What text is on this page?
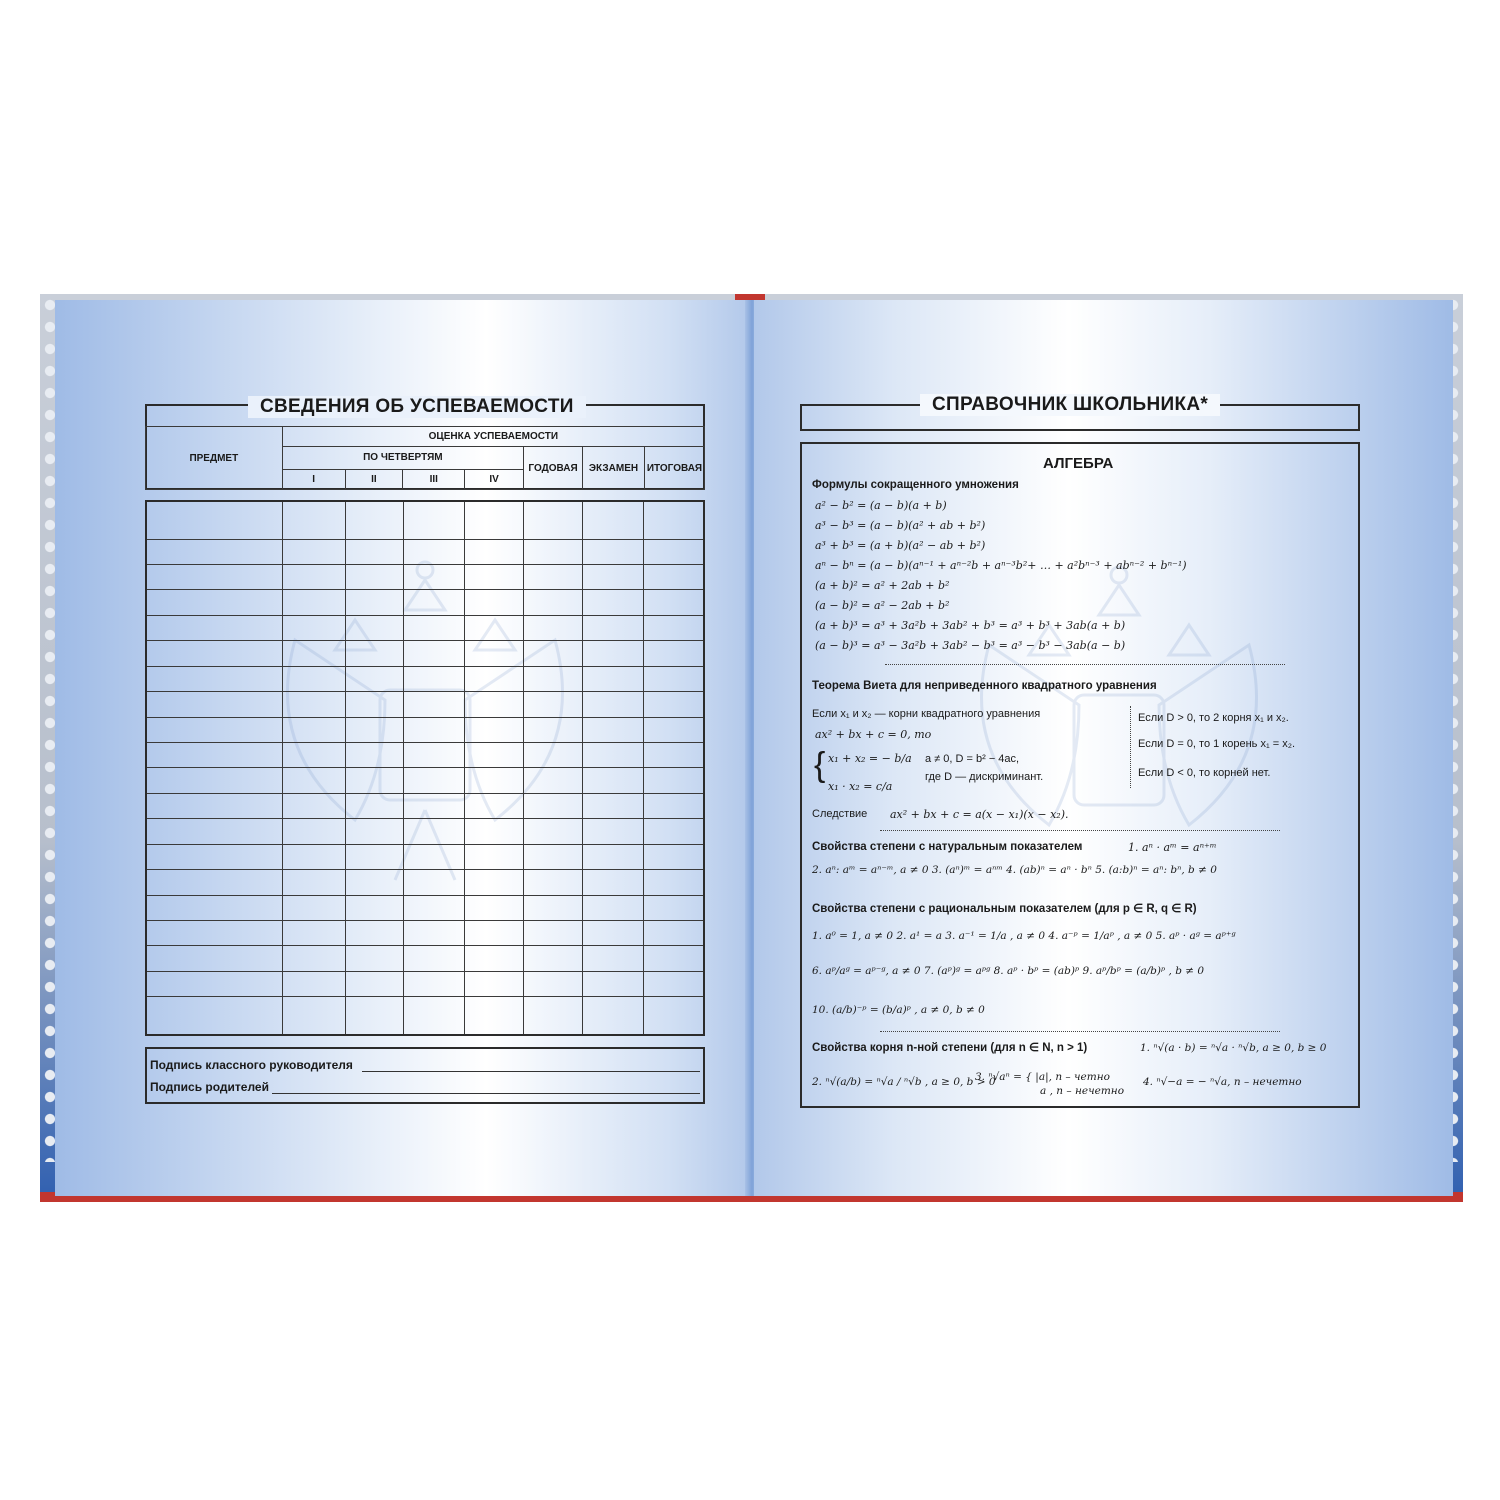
СВЕДЕНИЯ ОБ УСПЕВАЕМОСТИ
ПРЕДМЕТ	ОЦЕНКА УСПЕВАЕМОСТИ						
	ПО ЧЕТВЕРТЯМ				ГОДОВАЯ	ЭКЗАМЕН	ИТОГОВАЯ
	I	II	III	IV			

Подпись классного руководителя
Подпись родителей
СПРАВОЧНИК ШКОЛЬНИКА*
АЛГЕБРА
Формулы сокращенного умножения
a² − b² = (a − b)(a + b)
a³ − b³ = (a − b)(a² + ab + b²)
a³ + b³ = (a + b)(a² − ab + b²)
aⁿ − bⁿ = (a − b)(aⁿ⁻¹ + aⁿ⁻²b + aⁿ⁻³b²+ … + a²bⁿ⁻³ + abⁿ⁻² + bⁿ⁻¹)
(a + b)² = a² + 2ab + b²
(a − b)² = a² − 2ab + b²
(a + b)³ = a³ + 3a²b + 3ab² + b³ = a³ + b³ + 3ab(a + b)
(a − b)³ = a³ − 3a²b + 3ab² − b³ = a³ − b³ − 3ab(a − b)
Теорема Виета для неприведенного квадратного уравнения
Если x₁ и x₂ — корни квадратного уравнения
ax² + bx + c = 0, то
{ x₁ + x₂ = − b/a
x₁ · x₂ = c/a
a ≠ 0, D = b² − 4ac,
где D — дискриминант.
Если D > 0, то 2 корня x₁ и x₂.
Если D = 0, то 1 корень x₁ = x₂.
Если D < 0, то корней нет.
Следствие ax² + bx + c = a(x − x₁)(x − x₂).
Свойства степени с натуральным показателем	1. aⁿ · aᵐ = aⁿ⁺ᵐ
2. aⁿ: aᵐ = aⁿ⁻ᵐ, a ≠ 0 3. (aⁿ)ᵐ = aⁿᵐ 4. (ab)ⁿ = aⁿ · bⁿ 5. (a:b)ⁿ = aⁿ: bⁿ, b ≠ 0
Свойства степени с рациональным показателем (для p ∈ R, q ∈ R)
1. a⁰ = 1, a ≠ 0 2. a¹ = a 3. a⁻¹ = 1/a , a ≠ 0 4. a⁻ᵖ = 1/aᵖ , a ≠ 0 5. aᵖ · aᵍ = aᵖ⁺ᵍ
6. aᵖ/aᵍ = aᵖ⁻ᵍ, a ≠ 0 7. (aᵖ)ᵍ = aᵖᵍ 8. aᵖ · bᵖ = (ab)ᵖ 9. aᵖ/bᵖ = (a/b)ᵖ , b ≠ 0
10. (a/b)⁻ᵖ = (b/a)ᵖ , a ≠ 0, b ≠ 0
Свойства корня n-ной степени (для n ∈ N, n > 1)	1. ⁿ√(a · b) = ⁿ√a · ⁿ√b, a ≥ 0, b ≥ 0
2. ⁿ√(a/b) = ⁿ√a / ⁿ√b , a ≥ 0, b > 0
3. ⁿ√aⁿ = { |a|, n – четно
a , n – нечетно
4. ⁿ√−a = − ⁿ√a, n – нечетно
